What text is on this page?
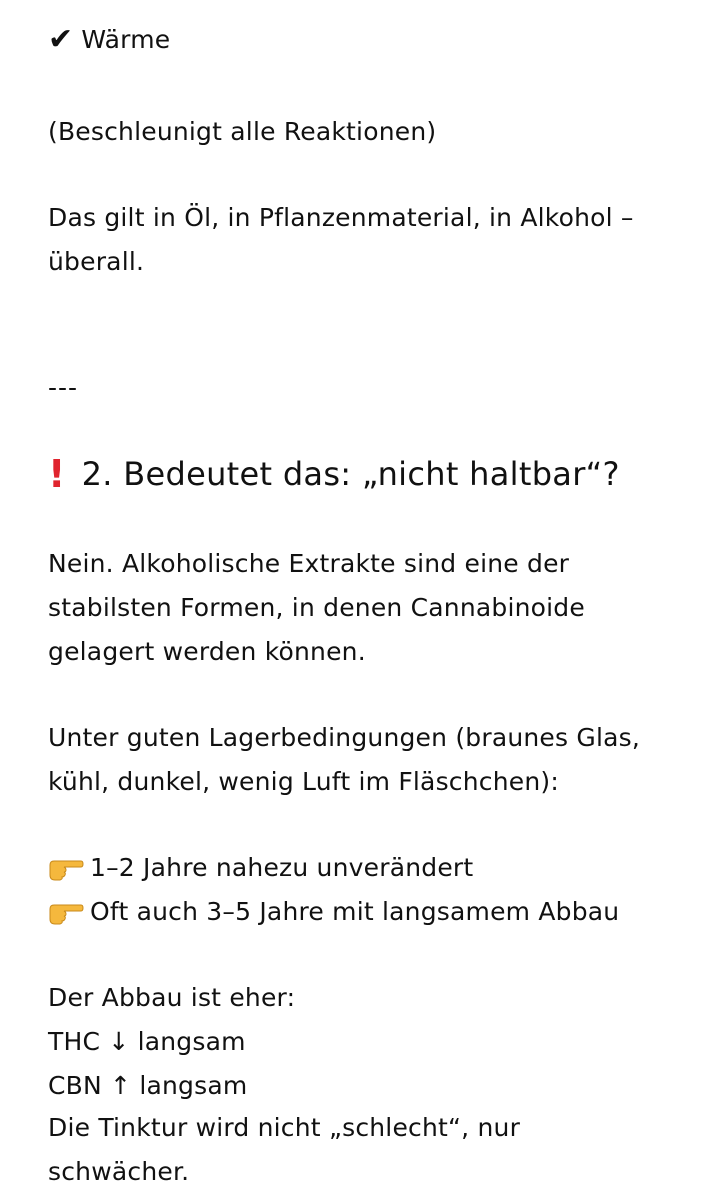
✔ Wärme
(Beschleunigt alle Reaktionen)
Das gilt in Öl, in Pflanzenmaterial, in Alkohol –
überall.
---
! 2. Bedeutet das: „nicht haltbar“?
Nein. Alkoholische Extrakte sind eine der
stabilsten Formen, in denen Cannabinoide
gelagert werden können.
Unter guten Lagerbedingungen (braunes Glas,
kühl, dunkel, wenig Luft im Fläschchen):
1–2 Jahre nahezu unverändert
Oft auch 3–5 Jahre mit langsamem Abbau
Der Abbau ist eher:
THC ↓ langsam
CBN ↑ langsam
Die Tinktur wird nicht „schlecht“, nur
schwächer.
